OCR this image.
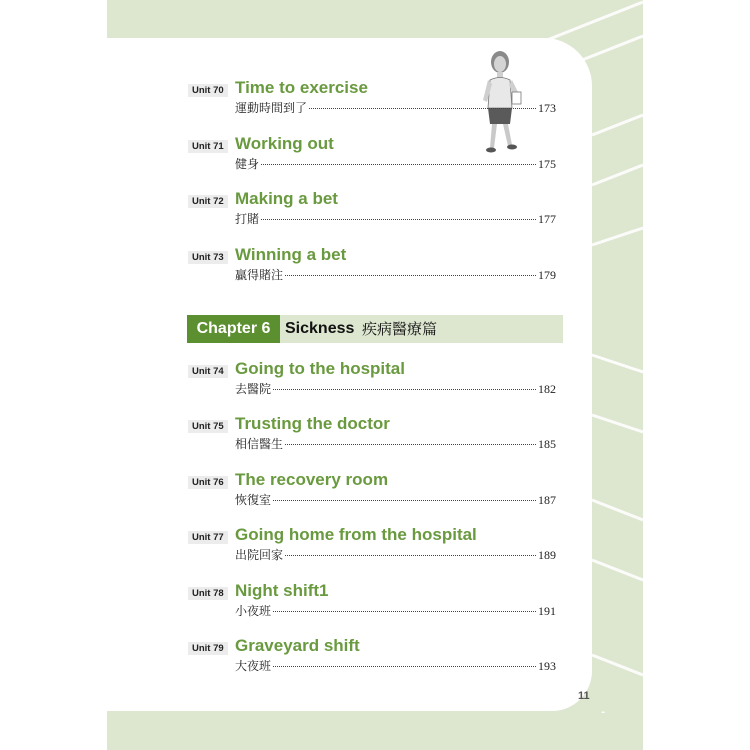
Unit 70 Time to exercise
運動時間到了	173
Unit 71 Working out
健身	175
Unit 72 Making a bet
打賭	177
Unit 73 Winning a bet
贏得賭注	179
Chapter 6 Sickness 疾病醫療篇
Unit 74 Going to the hospital
去醫院	182
Unit 75 Trusting the doctor
相信醫生	185
Unit 76 The recovery room
恢復室	187
Unit 77 Going home from the hospital
出院回家	189
Unit 78 Night shift1
小夜班	191
Unit 79 Graveyard shift
大夜班	193
11
